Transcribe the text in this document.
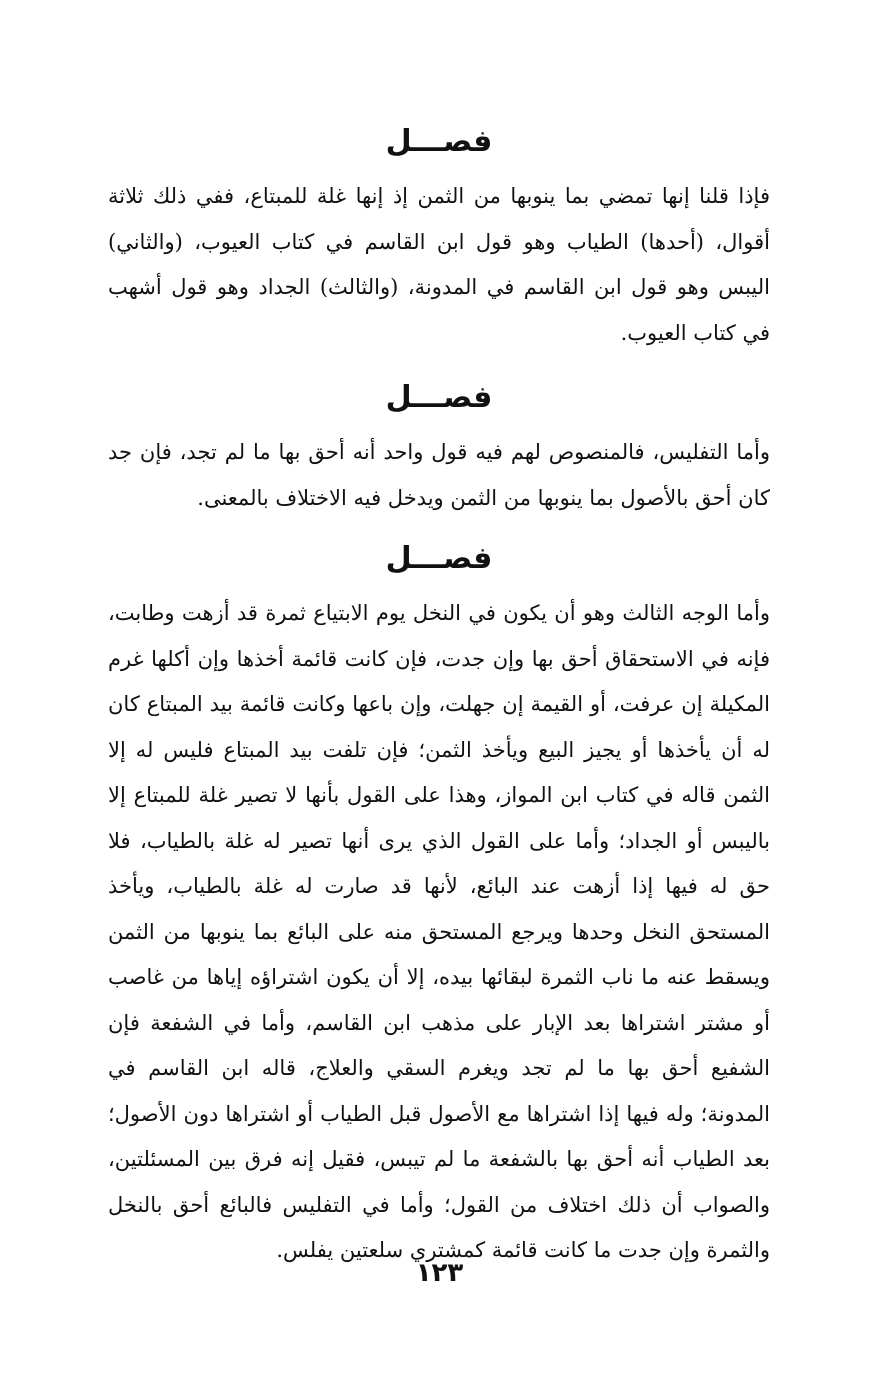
فصـــل

فإذا قلنا إنها تمضي بما ينوبها من الثمن إذ إنها غلة للمبتاع، ففي ذلك ثلاثة أقوال، (أحدها) الطياب وهو قول ابن القاسم في كتاب العيوب، (والثاني) اليبس وهو قول ابن القاسم في المدونة، (والثالث) الجداد وهو قول أشهب في كتاب العيوب.

فصـــل

وأما التفليس، فالمنصوص لهم فيه قول واحد أنه أحق بها ما لم تجد، فإن جد كان أحق بالأصول بما ينوبها من الثمن ويدخل فيه الاختلاف بالمعنى.

فصـــل

وأما الوجه الثالث وهو أن يكون في النخل يوم الابتياع ثمرة قد أزهت وطابت، فإنه في الاستحقاق أحق بها وإن جدت، فإن كانت قائمة أخذها وإن أكلها غرم المكيلة إن عرفت، أو القيمة إن جهلت، وإن باعها وكانت قائمة بيد المبتاع كان له أن يأخذها أو يجيز البيع ويأخذ الثمن؛ فإن تلفت بيد المبتاع فليس له إلا الثمن قاله في كتاب ابن المواز، وهذا على القول بأنها لا تصير غلة للمبتاع إلا باليبس أو الجداد؛ وأما على القول الذي يرى أنها تصير له غلة بالطياب، فلا حق له فيها إذا أزهت عند البائع، لأنها قد صارت له غلة بالطياب، ويأخذ المستحق النخل وحدها ويرجع المستحق منه على البائع بما ينوبها من الثمن ويسقط عنه ما ناب الثمرة لبقائها بيده، إلا أن يكون اشتراؤه إياها من غاصب أو مشتر اشتراها بعد الإبار على مذهب ابن القاسم، وأما في الشفعة فإن الشفيع أحق بها ما لم تجد ويغرم السقي والعلاج، قاله ابن القاسم في المدونة؛ وله فيها إذا اشتراها مع الأصول قبل الطياب أو اشتراها دون الأصول؛ بعد الطياب أنه أحق بها بالشفعة ما لم تيبس، فقيل إنه فرق بين المسئلتين، والصواب أن ذلك اختلاف من القول؛ وأما في التفليس فالبائع أحق بالنخل والثمرة وإن جدت ما كانت قائمة كمشتري سلعتين يفلس.

١٢٣
